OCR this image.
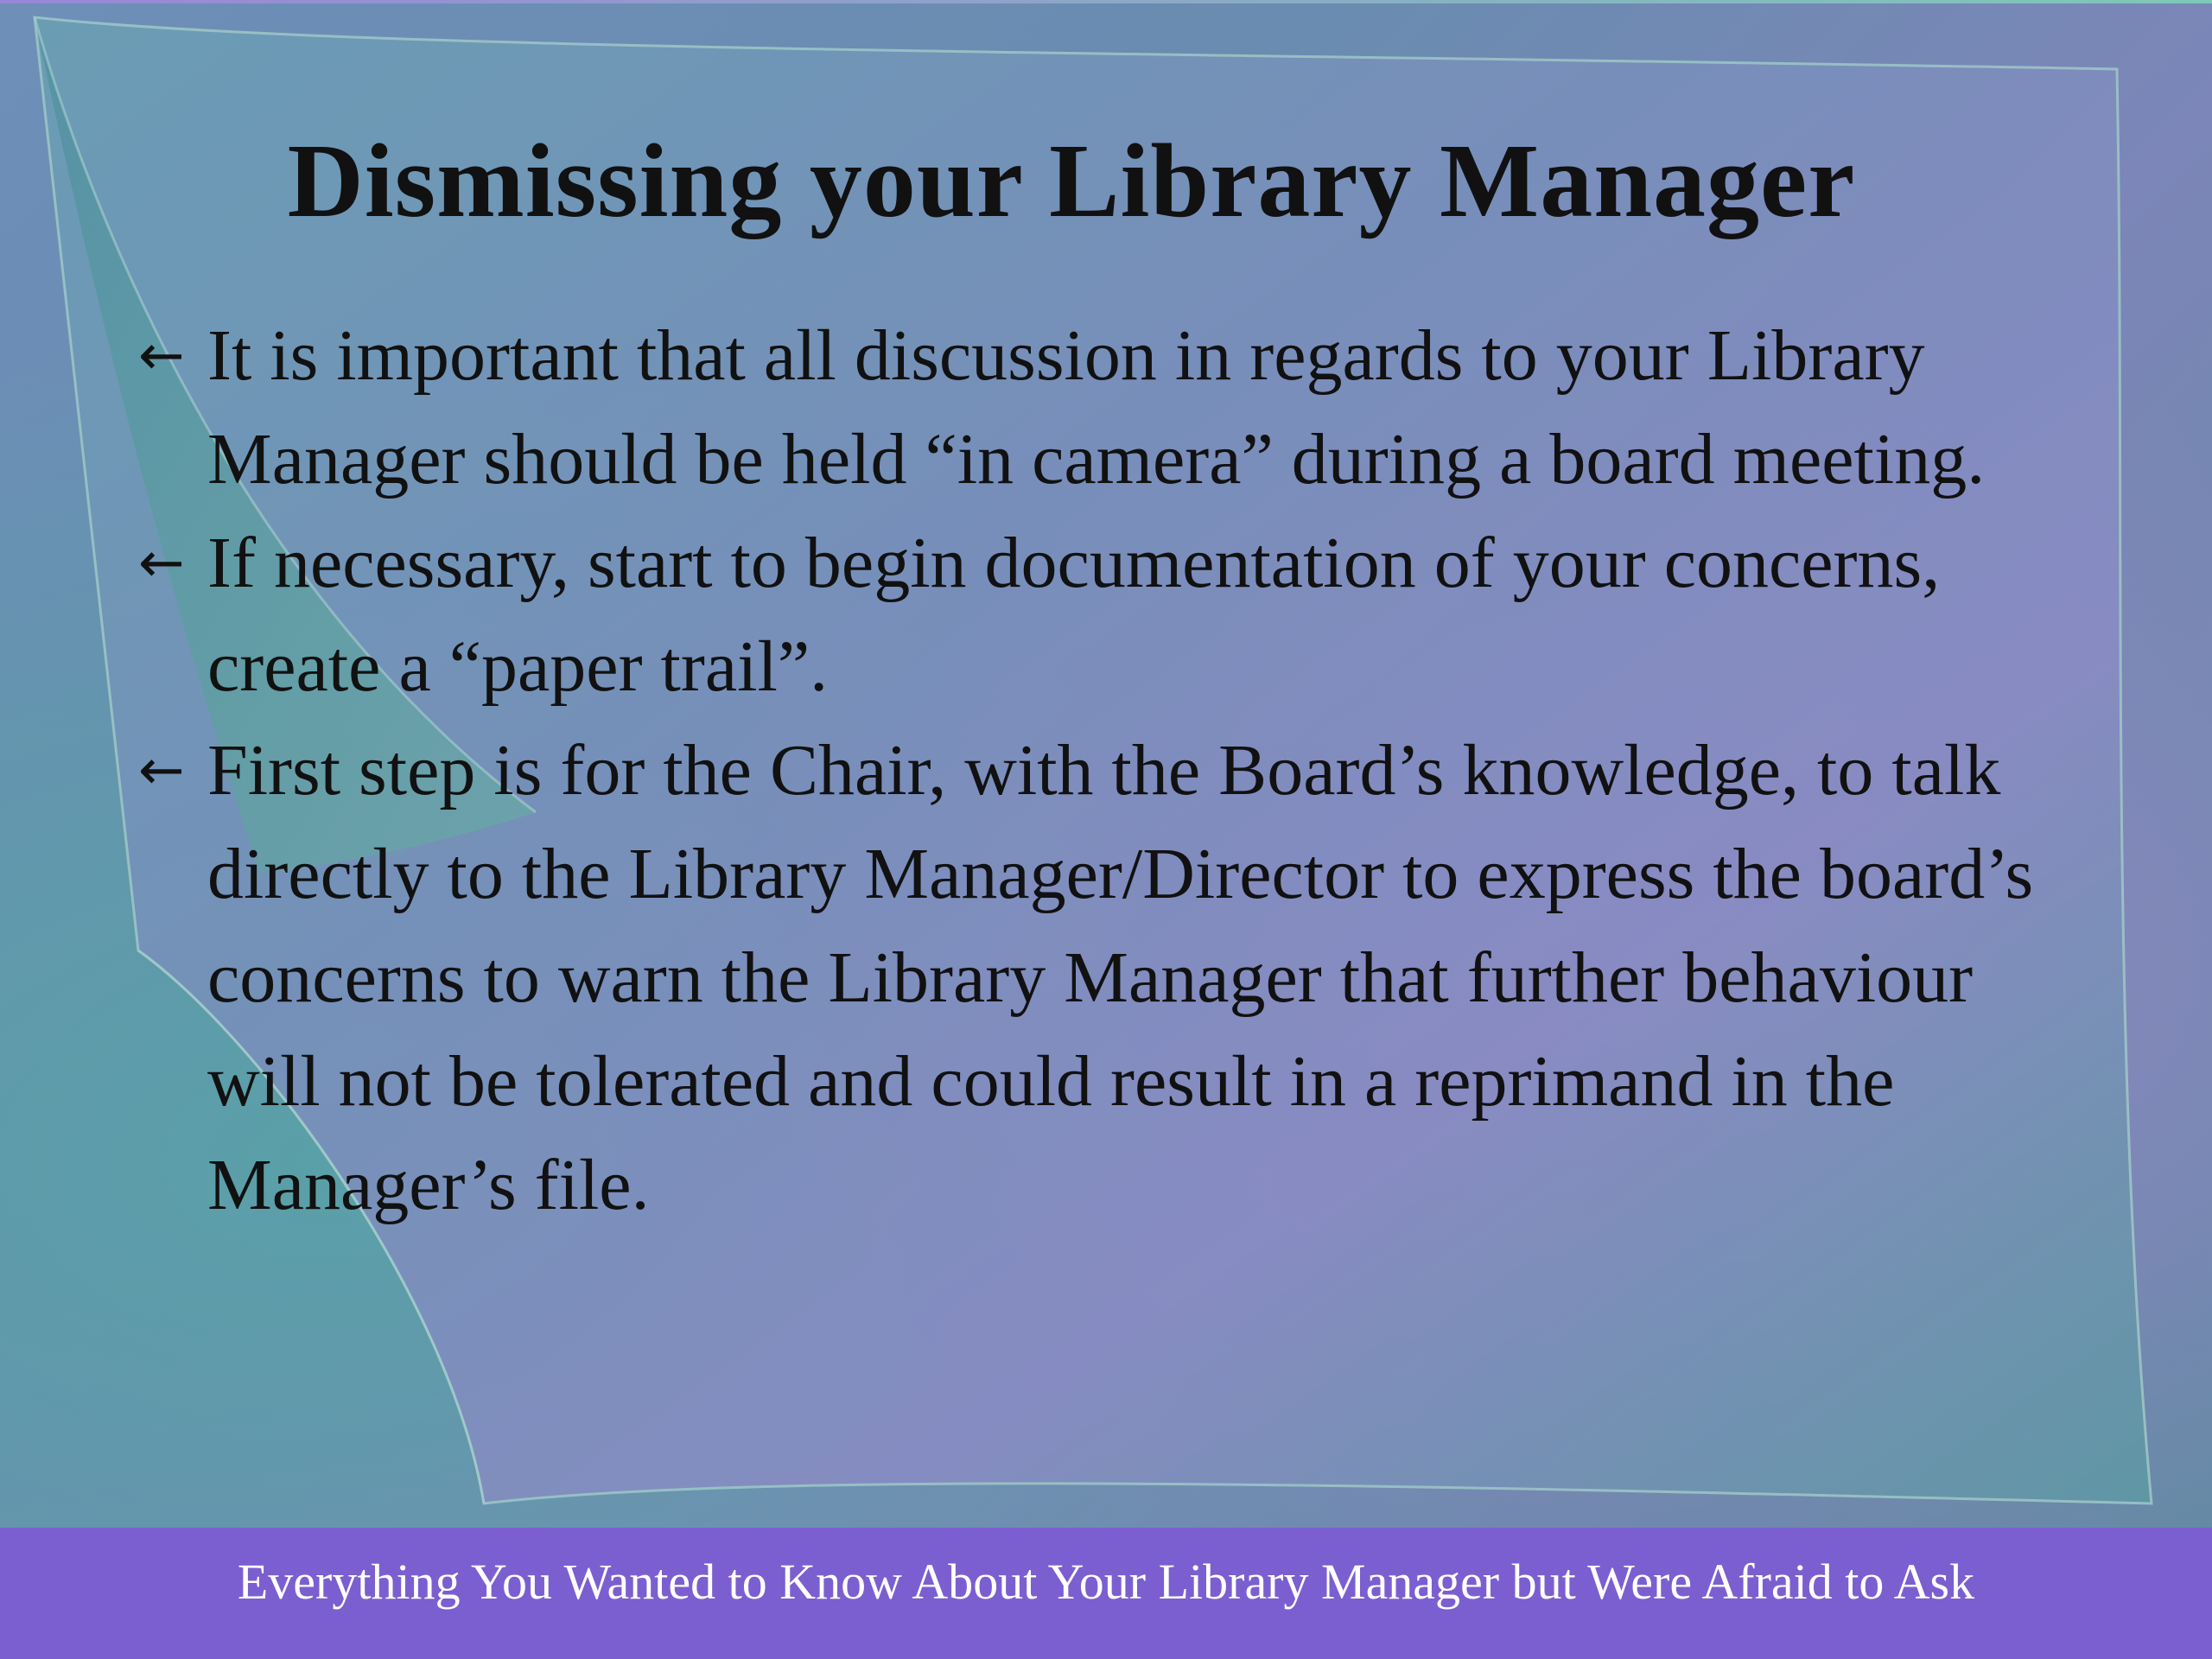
Dismissing your Library Manager
← It is important that all discussion in regards to your Library Manager should be held “in camera” during a board meeting.
← If necessary, start to begin documentation of your concerns, create a “paper trail”.
← First step is for the Chair, with the Board’s knowledge, to talk directly to the Library Manager/Director to express the board’s concerns to warn the Library Manager that further behaviour will not be tolerated and could result in a reprimand in the Manager’s file.
Everything You Wanted to Know About Your Library Manager but Were Afraid to Ask
